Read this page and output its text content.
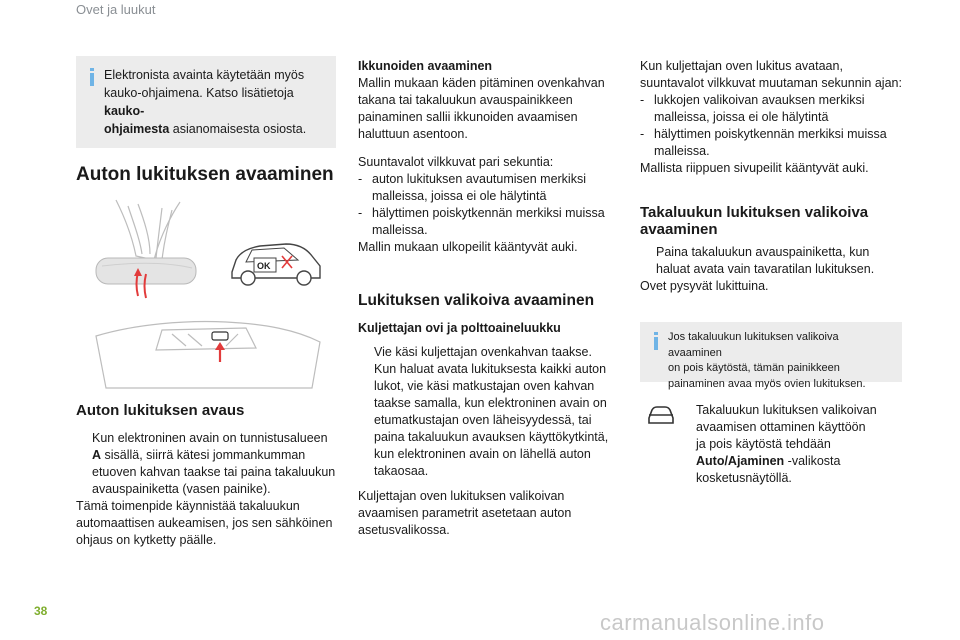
Ovet ja luukut
Elektronista avainta käytetään myös
kauko-ohjaimena. Katso lisätietoja kauko-
ohjaimesta asianomaisesta osiosta.
Auton lukituksen avaaminen
OK
Auton lukituksen avaus
Kun elektroninen avain on tunnistusalueen
A sisällä, siirrä kätesi jommankumman
etuoven kahvan taakse tai paina takaluukun
avauspainiketta (vasen painike).
Tämä toimenpide käynnistää takaluukun
automaattisen aukeamisen, jos sen sähköinen
ohjaus on kytketty päälle.
Ikkunoiden avaaminen
Mallin mukaan käden pitäminen ovenkahvan
takana tai takaluukun avauspainikkeen
painaminen sallii ikkunoiden avaamisen
haluttuun asentoon.
Suuntavalot vilkkuvat pari sekuntia:
- auton lukituksen avautumisen merkiksi
malleissa, joissa ei ole hälytintä
- hälyttimen poiskytkennän merkiksi muissa
malleissa.
Mallin mukaan ulkopeilit kääntyvät auki.
Lukituksen valikoiva avaaminen
Kuljettajan ovi ja polttoaineluukku
Vie käsi kuljettajan ovenkahvan taakse.
Kun haluat avata lukituksesta kaikki auton
lukot, vie käsi matkustajan oven kahvan
taakse samalla, kun elektroninen avain on
etumatkustajan oven läheisyydessä, tai
paina takaluukun avauksen käyttökytkintä,
kun elektroninen avain on lähellä auton
takaosaa.
Kuljettajan oven lukituksen valikoivan
avaamisen parametrit asetetaan auton
asetusvalikossa.
Kun kuljettajan oven lukitus avataan,
suuntavalot vilkkuvat muutaman sekunnin ajan:
- lukkojen valikoivan avauksen merkiksi
malleissa, joissa ei ole hälytintä
- hälyttimen poiskytkennän merkiksi muissa
malleissa.
Mallista riippuen sivupeilit kääntyvät auki.
Takaluukun lukituksen valikoiva
avaaminen
Paina takaluukun avauspainiketta, kun
haluat avata vain tavaratilan lukituksen.
Ovet pysyvät lukittuina.
Jos takaluukun lukituksen valikoiva avaaminen
on pois käytöstä, tämän painikkeen
painaminen avaa myös ovien lukituksen.
Takaluukun lukituksen valikoivan
avaamisen ottaminen käyttöön
ja pois käytöstä tehdään
Auto/Ajaminen -valikosta
kosketusnäytöllä.
38	carmanualsonline.info
